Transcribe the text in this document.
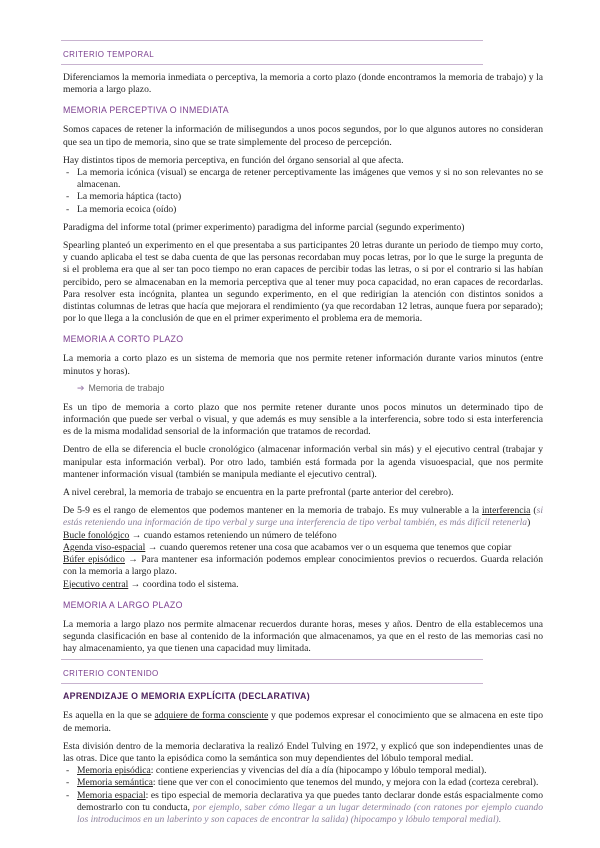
CRITERIO TEMPORAL

Diferenciamos la memoria inmediata o perceptiva, la memoria a corto plazo (donde encontramos la memoria de trabajo) y la memoria a largo plazo.

MEMORIA PERCEPTIVA O INMEDIATA

Somos capaces de retener la información de milisegundos a unos pocos segundos, por lo que algunos autores no consideran que sea un tipo de memoria, sino que se trate simplemente del proceso de percepción.

Hay distintos tipos de memoria perceptiva, en función del órgano sensorial al que afecta.

- La memoria icónica (visual) se encarga de retener perceptivamente las imágenes que vemos y si no son relevantes no se almacenan.
- La memoria háptica (tacto)
- La memoria ecoica (oído)

Paradigma del informe total (primer experimento) paradigma del informe parcial (segundo experimento)

Spearling planteó un experimento en el que presentaba a sus participantes 20 letras durante un periodo de tiempo muy corto, y cuando aplicaba el test se daba cuenta de que las personas recordaban muy pocas letras, por lo que le surge la pregunta de si el problema era que al ser tan poco tiempo no eran capaces de percibir todas las letras, o si por el contrario si las habían percibido, pero se almacenaban en la memoria perceptiva que al tener muy poca capacidad, no eran capaces de recordarlas. Para resolver esta incógnita, plantea un segundo experimento, en el que redirigían la atención con distintos sonidos a distintas columnas de letras que hacía que mejorara el rendimiento (ya que recordaban 12 letras, aunque fuera por separado); por lo que llega a la conclusión de que en el primer experimento el problema era de memoria.

MEMORIA A CORTO PLAZO

La memoria a corto plazo es un sistema de memoria que nos permite retener información durante varios minutos (entre minutos y horas).

➔ Memoria de trabajo

Es un tipo de memoria a corto plazo que nos permite retener durante unos pocos minutos un determinado tipo de información que puede ser verbal o visual, y que además es muy sensible a la interferencia, sobre todo si esta interferencia es de la misma modalidad sensorial de la información que tratamos de recordad.

Dentro de ella se diferencia el bucle cronológico (almacenar información verbal sin más) y el ejecutivo central (trabajar y manipular esta información verbal). Por otro lado, también está formada por la agenda visuoespacial, que nos permite mantener información visual (también se manipula mediante el ejecutivo central).

A nivel cerebral, la memoria de trabajo se encuentra en la parte prefrontal (parte anterior del cerebro).

De 5-9 es el rango de elementos que podemos mantener en la memoria de trabajo. Es muy vulnerable a la interferencia (si estás reteniendo una información de tipo verbal y surge una interferencia de tipo verbal también, es más difícil retenerla)

Bucle fonológico → cuando estamos reteniendo un número de teléfono

Agenda viso-espacial → cuando queremos retener una cosa que acabamos ver o un esquema que tenemos que copiar

Búfer episódico → Para mantener esa información podemos emplear conocimientos previos o recuerdos. Guarda relación con la memoria a largo plazo.

Ejecutivo central → coordina todo el sistema.

MEMORIA A LARGO PLAZO

La memoria a largo plazo nos permite almacenar recuerdos durante horas, meses y años. Dentro de ella establecemos una segunda clasificación en base al contenido de la información que almacenamos, ya que en el resto de las memorias casi no hay almacenamiento, ya que tienen una capacidad muy limitada.

CRITERIO CONTENIDO
APRENDIZAJE O MEMORIA EXPLÍCITA (DECLARATIVA)

Es aquella en la que se adquiere de forma consciente y que podemos expresar el conocimiento que se almacena en este tipo de memoria.

Esta división dentro de la memoria declarativa la realizó Endel Tulving en 1972, y explicó que son independientes unas de las otras. Dice que tanto la episódica como la semántica son muy dependientes del lóbulo temporal medial.

- Memoria episódica: contiene experiencias y vivencias del día a día (hipocampo y lóbulo temporal medial).
- Memoria semántica: tiene que ver con el conocimiento que tenemos del mundo, y mejora con la edad (corteza cerebral).
- Memoria espacial: es tipo especial de memoria declarativa ya que puedes tanto declarar donde estás espacialmente como demostrarlo con tu conducta, por ejemplo, saber cómo llegar a un lugar determinado (con ratones por ejemplo cuando los introducimos en un laberinto y son capaces de encontrar la salida) (hipocampo y lóbulo temporal medial).
